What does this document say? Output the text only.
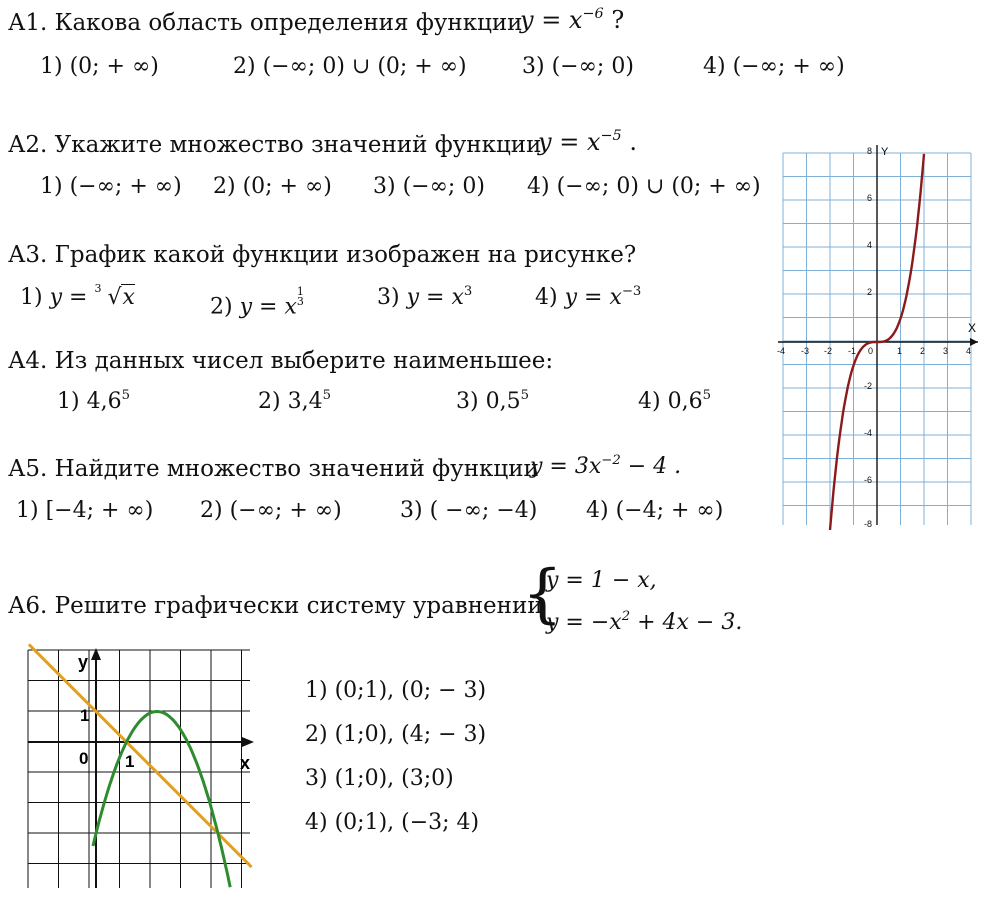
А1. Какова область определения функции
$y = x^{-6}$ ?
1) (0; + ∞)	2) (−∞; 0) ∪ (0; + ∞)	3) (−∞; 0)	4) (−∞; + ∞)
А2. Укажите множество значений функции
$y = x^{-5}$ .
1) (−∞; + ∞) 2) (0; + ∞) 3) (−∞; 0) 4) (−∞; 0) ∪ (0; + ∞)
А3. График какой функции изображен на рисунке?
1) y = 3 √x	2) y = x
1
3	3) $y = x^3$	4) $y = x^{-3}$
А4. Из данных чисел выберите наименьшее:
1) $4,6^5$	2) $3,4^5$	3) $0,5^5$	4) $0,6^5$
А5. Найдите множество значений функции
$y = 3x^{-2} - 4$ .
1) [−4; + ∞) 2) (−∞; + ∞)	3) ( −∞; −4) 4) (−4; + ∞)
А6. Решите графически систему уравнений
{
y = 1 − x,
$y = -x^2 + 4x - 3$.
1) (0;1), (0; − 3)
2) (1;0), (4; − 3)
3) (1;0), (3;0)
4) (0;1), (−3; 4)
X
Y
-4 -3 -2 -1 0	1 2 3 4
8
6
4
2
-2
-4
-6
-8
x
y
0 1
1
